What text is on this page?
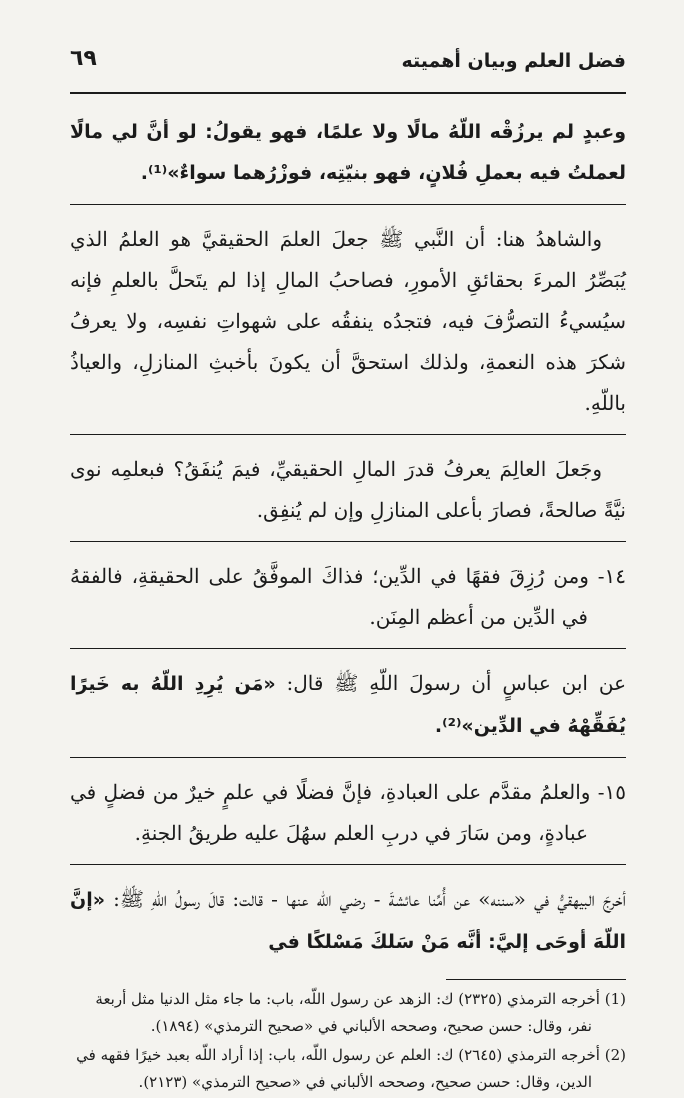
فضل العلم وبيان أهميته
٦٩

وعبدٍ لم يرزُقْه اللّهُ مالًا ولا علمًا، فهو يقولُ: لو أنَّ لي مالًا لعملتُ فيه بعملِ فُلانٍ، فهو بنيّتِه، فوزْرُهما سواءٌ»⁽¹⁾.

والشاهدُ هنا: أن النَّبي ﷺ جعلَ العلمَ الحقيقيَّ هو العلمُ الذي يُبَصِّرُ المرءَ بحقائقِ الأمورِ، فصاحبُ المالِ إذا لم يتَحلَّ بالعلمِ فإنه سيُسيءُ التصرُّفَ فيه، فتجدُه ينفقُه على شهواتِ نفسِه، ولا يعرفُ شكرَ هذه النعمةِ، ولذلك استحقَّ أن يكونَ بأخبثِ المنازلِ، والعياذُ باللّهِ.

وجَعلَ العالِمَ يعرفُ قدرَ المالِ الحقيقيِّ، فيمَ يُنفَقُ؟ فبعلمِه نوى نيَّةً صالحةً، فصارَ بأعلى المنازلِ وإن لم يُنفِق.

١٤- ومن رُزِقَ فقهًا في الدِّين؛ فذاكَ الموفَّقُ على الحقيقةِ، فالفقهُ في الدِّين من أعظم المِنَن.

عن ابن عباسٍ أن رسولَ اللّهِ ﷺ قال: «مَن يُرِدِ اللّهُ به خَيرًا يُفَقِّهْهُ في الدِّين»⁽²⁾.

١٥- والعلمُ مقدَّم على العبادةِ، فإنَّ فضلًا في علمٍ خيرٌ من فضلٍ في عبادةٍ، ومن سَارَ في دربِ العلم سهُلَ عليه طريقُ الجنةِ.

أخرجَ البيهقيُّ في «سننه» عن أُمِّنا عائشةَ - رضي اللّه عنها - قالت: قالَ رسولُ اللّهِ ﷺ: «إنَّ اللّهَ أوحَى إليَّ: أنَّه مَنْ سَلكَ مَسْلكًا في

(1) أخرجه الترمذي (٢٣٢٥) ك: الزهد عن رسول اللّه، باب: ما جاء مثل الدنيا مثل أربعة نفر، وقال: حسن صحيح، وصححه الألباني في «صحيح الترمذي» (١٨٩٤).

(2) أخرجه الترمذي (٢٦٤٥) ك: العلم عن رسول اللّه، باب: إذا أراد اللّه بعبد خيرًا فقهه في الدين، وقال: حسن صحيح، وصححه الألباني في «صحيح الترمذي» (٢١٢٣).
